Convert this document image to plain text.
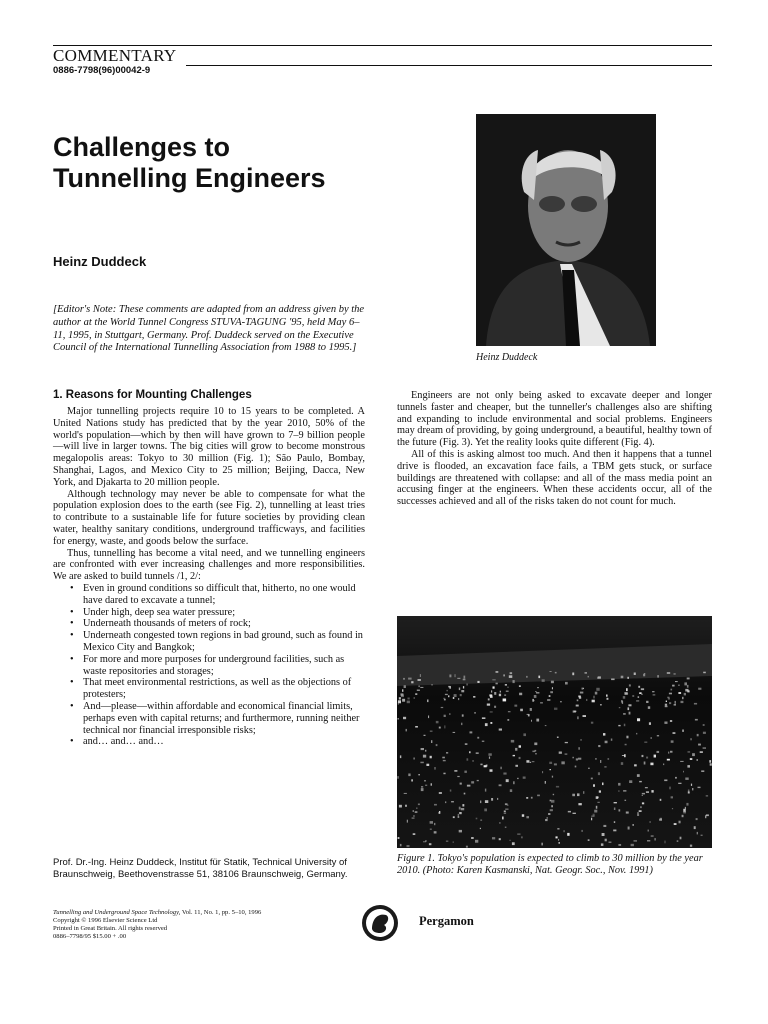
COMMENTARY
0886-7798(96)00042-9
Challenges to
Tunnelling Engineers
Heinz Duddeck
[Editor's Note: These comments are adapted from an address given by the author at the World Tunnel Congress STUVA-TAGUNG '95, held May 6–11, 1995, in Stuttgart, Germany. Prof. Duddeck served on the Executive Council of the International Tunnelling Association from 1988 to 1995.]
Heinz Duddeck
1. Reasons for Mounting Challenges

Major tunnelling projects require 10 to 15 years to be completed. A United Nations study has predicted that by the year 2010, 50% of the world's population—which by then will have grown to 7–9 billion people—will live in larger towns. The big cities will grow to become monstrous megalopolis areas: Tokyo to 30 million (Fig. 1); São Paulo, Bombay, Shanghai, Lagos, and Mexico City to 25 million; Beijing, Dacca, New York, and Djakarta to 20 million people.

Although technology may never be able to compensate for what the population explosion does to the earth (see Fig. 2), tunnelling at least tries to contribute to a sustainable life for future societies by providing clean water, healthy sanitary conditions, underground trafficways, and facilities for energy, waste, and goods below the surface.

Thus, tunnelling has become a vital need, and we tunnelling engineers are confronted with ever increasing challenges and more responsibilities. We are asked to build tunnels /1, 2/:

• Even in ground conditions so difficult that, hitherto, no one would have dared to excavate a tunnel;
• Under high, deep sea water pressure;
• Underneath thousands of meters of rock;
• Underneath congested town regions in bad ground, such as found in Mexico City and Bangkok;
• For more and more purposes for underground facilities, such as waste repositories and storages;
• That meet environmental restrictions, as well as the objections of protesters;
• And—please—within affordable and economical financial limits, perhaps even with capital returns; and furthermore, running neither technical nor financial irresponsible risks;
• and… and… and…

Engineers are not only being asked to excavate deeper and longer tunnels faster and cheaper, but the tunneller's challenges also are shifting and expanding to include environmental and social problems. Engineers may dream of providing, by going underground, a beautiful, healthy town of the future (Fig. 3). Yet the reality looks quite different (Fig. 4).

All of this is asking almost too much. And then it happens that a tunnel drive is flooded, an excavation face fails, a TBM gets stuck, or surface buildings are threatened with collapse: and all of the mass media point an accusing finger at the engineers. When these accidents occur, all of the successes achieved and all of the risks taken do not count for much.

Figure 1. Tokyo's population is expected to climb to 30 million by the year 2010. (Photo: Karen Kasmanski, Nat. Geogr. Soc., Nov. 1991)
Prof. Dr.-Ing. Heinz Duddeck, Institut für Statik, Technical University of Braunschweig, Beethovenstrasse 51, 38106 Braunschweig, Germany.
Tunnelling and Underground Space Technology, Vol. 11, No. 1, pp. 5–10, 1996
Copyright © 1996 Elsevier Science Ltd
Printed in Great Britain. All rights reserved
0886–7798/95 $15.00 + .00
Pergamon
